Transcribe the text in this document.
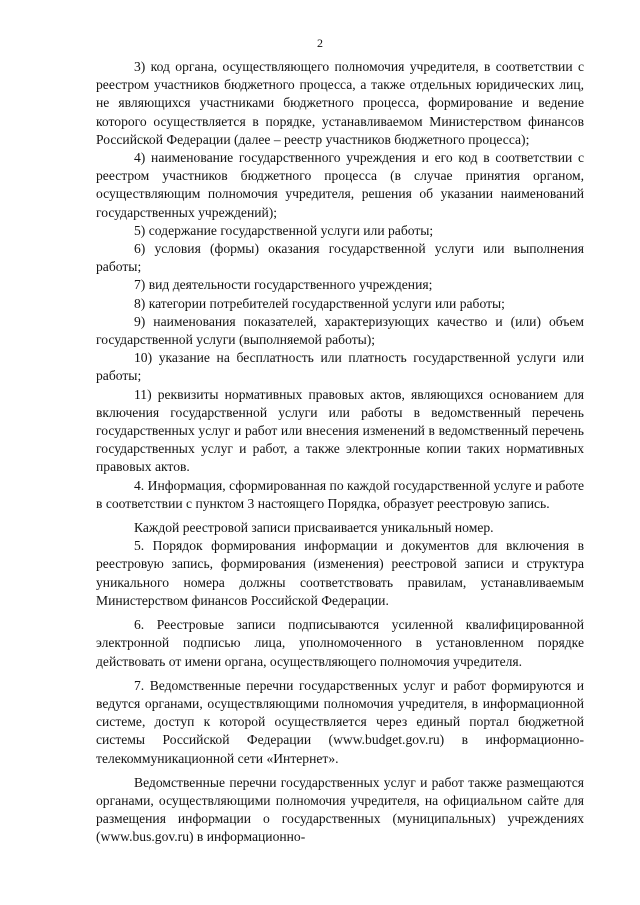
2

3) код органа, осуществляющего полномочия учредителя, в соответствии с реестром участников бюджетного процесса, а также отдельных юридических лиц, не являющихся участниками бюджетного процесса, формирование и ведение которого осуществляется в порядке, устанавливаемом Министерством финансов Российской Федерации (далее – реестр участников бюджетного процесса);

4) наименование государственного учреждения и его код в соответствии с реестром участников бюджетного процесса (в случае принятия органом, осуществляющим полномочия учредителя, решения об указании наименований государственных учреждений);

5) содержание государственной услуги или работы;

6) условия (формы) оказания государственной услуги или выполнения работы;

7) вид деятельности государственного учреждения;

8) категории потребителей государственной услуги или работы;

9) наименования показателей, характеризующих качество и (или) объем государственной услуги (выполняемой работы);

10) указание на бесплатность или платность государственной услуги или работы;

11) реквизиты нормативных правовых актов, являющихся основанием для включения государственной услуги или работы в ведомственный перечень государственных услуг и работ или внесения изменений в ведомственный перечень государственных услуг и работ, а также электронные копии таких нормативных правовых актов.

4. Информация, сформированная по каждой государственной услуге и работе в соответствии с пунктом 3 настоящего Порядка, образует реестровую запись.

Каждой реестровой записи присваивается уникальный номер.

5. Порядок формирования информации и документов для включения в реестровую запись, формирования (изменения) реестровой записи и структура уникального номера должны соответствовать правилам, устанавливаемым Министерством финансов Российской Федерации.

6. Реестровые записи подписываются усиленной квалифицированной электронной подписью лица, уполномоченного в установленном порядке действовать от имени органа, осуществляющего полномочия учредителя.

7. Ведомственные перечни государственных услуг и работ формируются и ведутся органами, осуществляющими полномочия учредителя, в информационной системе, доступ к которой осуществляется через единый портал бюджетной системы Российской Федерации (www.budget.gov.ru) в информационно-телекоммуникационной сети «Интернет».

Ведомственные перечни государственных услуг и работ также размещаются органами, осуществляющими полномочия учредителя, на официальном сайте для размещения информации о государственных (муниципальных) учреждениях (www.bus.gov.ru) в информационно-
